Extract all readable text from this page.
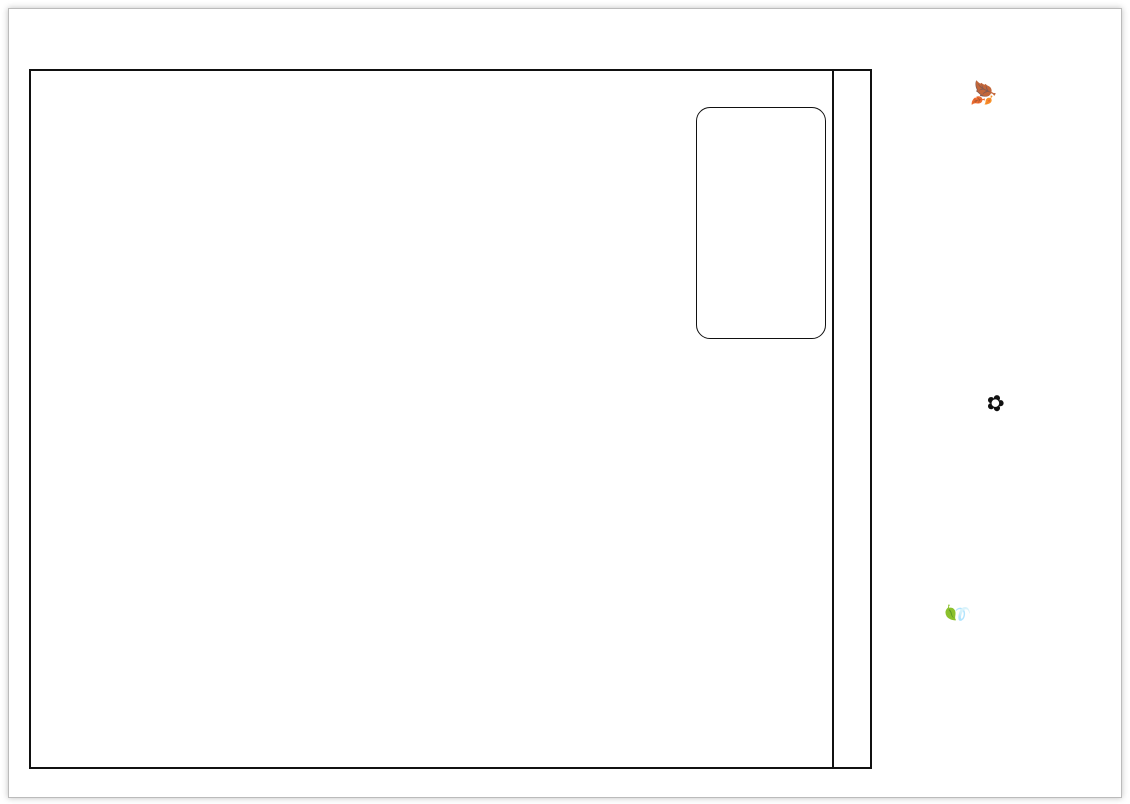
🍂
🍃
✿
